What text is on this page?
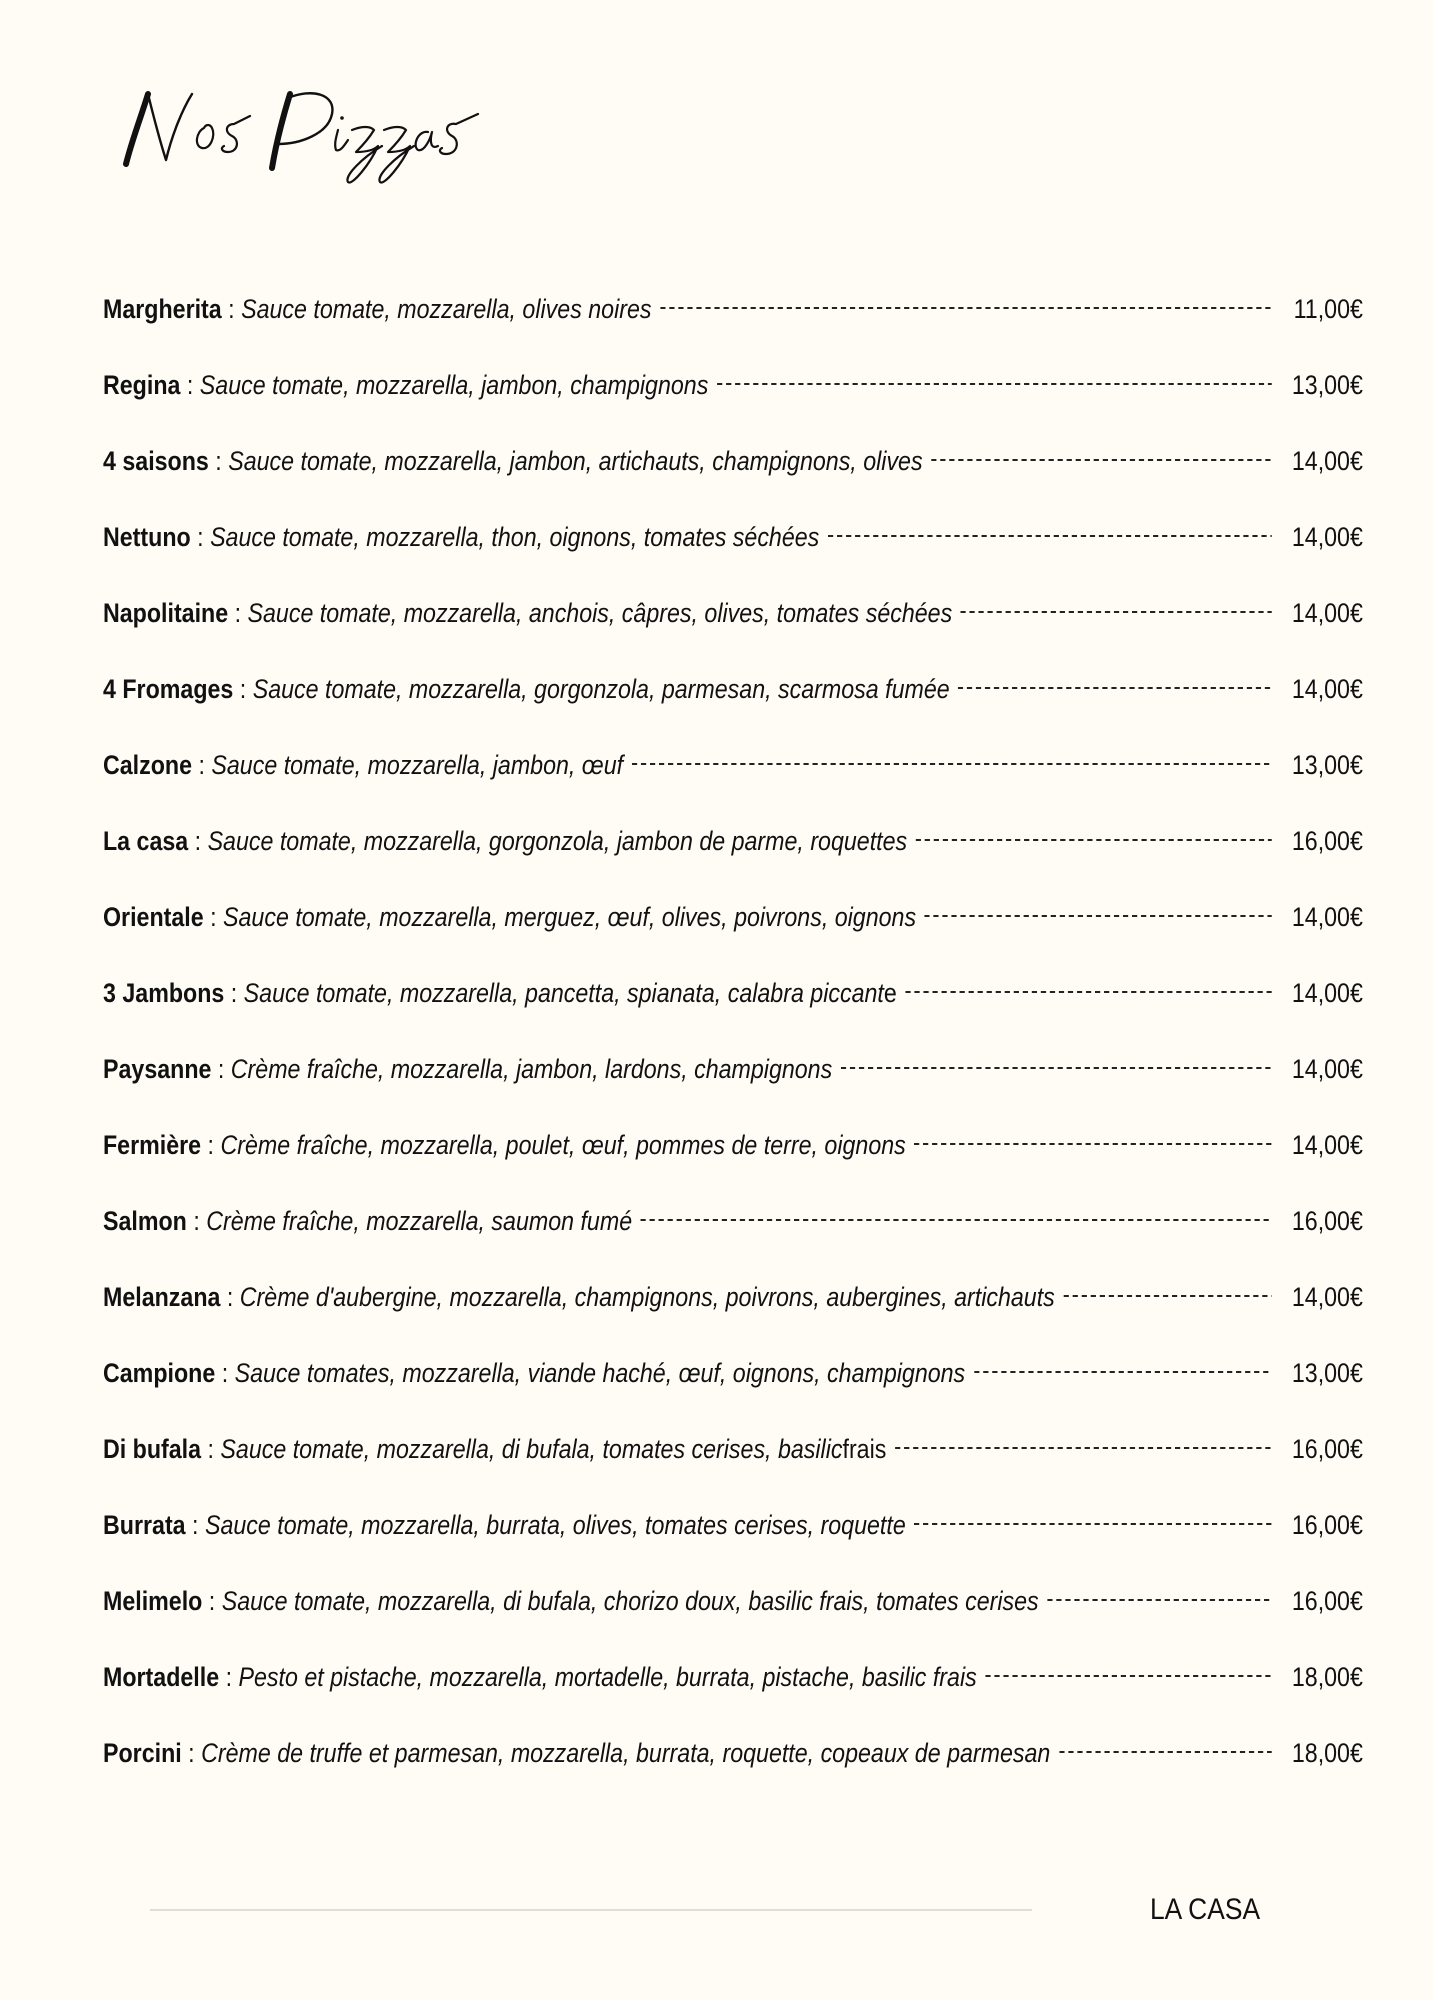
Margherita : Sauce tomate, mozzarella, olives noires	11,00€
Regina : Sauce tomate, mozzarella, jambon, champignons	13,00€
4 saisons : Sauce tomate, mozzarella, jambon, artichauts, champignons, olives	14,00€
Nettuno : Sauce tomate, mozzarella, thon, oignons, tomates séchées	14,00€
Napolitaine : Sauce tomate, mozzarella, anchois, câpres, olives, tomates séchées	14,00€
4 Fromages : Sauce tomate, mozzarella, gorgonzola, parmesan, scarmosa fumée	14,00€
Calzone : Sauce tomate, mozzarella, jambon, œuf	13,00€
La casa : Sauce tomate, mozzarella, gorgonzola, jambon de parme, roquettes	16,00€
Orientale : Sauce tomate, mozzarella, merguez, œuf, olives, poivrons, oignons	14,00€
3 Jambons : Sauce tomate, mozzarella, pancetta, spianata, calabra piccant e	14,00€
Paysanne : Crème fraîche, mozzarella, jambon, lardons, champignons	14,00€
Fermière : Crème fraîche, mozzarella, poulet, œuf, pommes de terre, oignons	14,00€
Salmon : Crème fraîche, mozzarella, saumon fumé	16,00€
Melanzana : Crème d'aubergine, mozzarella, champignons, poivrons, aubergines, artichauts	14,00€
Campione : Sauce tomates, mozzarella, viande haché, œuf, oignons, champignons	13,00€
Di bufala : Sauce tomate, mozzarella, di bufala, tomates cerises, basilic frais	16,00€
Burrata : Sauce tomate, mozzarella, burrata, olives, tomates cerises, roquette	16,00€
Melimelo : Sauce tomate, mozzarella, di bufala, chorizo doux, basilic frais, tomates cerises	16,00€
Mortadelle : Pesto et pistache, mozzarella, mortadelle, burrata, pistache, basilic frais	18,00€
Porcini : Crème de truffe et parmesan, mozzarella, burrata, roquette, copeaux de parmesan	18,00€
LA CASA
